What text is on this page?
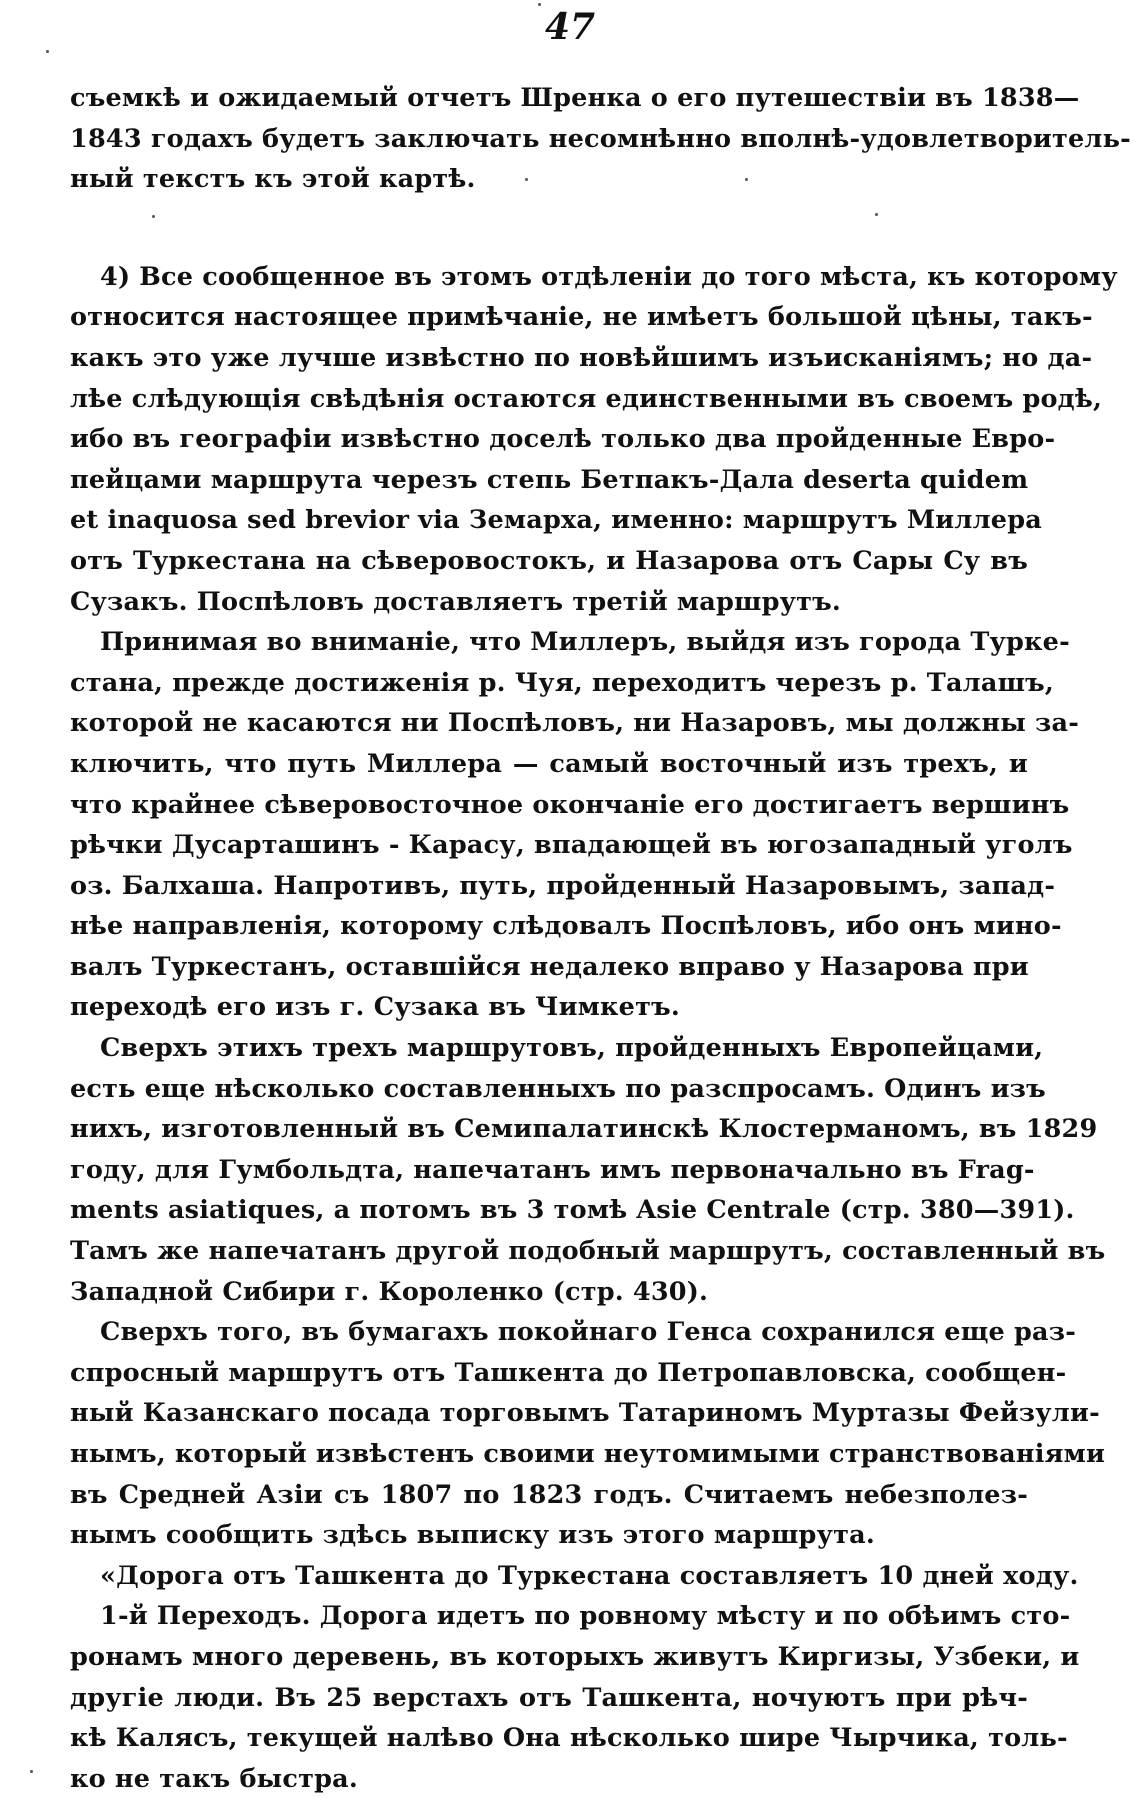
47
съемкѣ и ожидаемый отчетъ Шренка о его путешествіи въ 1838—
1843 годахъ будетъ заключать несомнѣнно вполнѣ-удовлетворитель-
ный текстъ къ этой картѣ.
4) Все сообщенное въ этомъ отдѣленіи до того мѣста, къ которому
относится настоящее примѣчаніе, не имѣетъ большой цѣны, такъ-
какъ это уже лучше извѣстно по новѣйшимъ изъисканіямъ; но да-
лѣе слѣдующія свѣдѣнія остаются единственными въ своемъ родѣ,
ибо въ географіи извѣстно доселѣ только два пройденные Евро-
пейцами маршрута черезъ степь Бетпакъ-Дала deserta quidem
et inaquosa sed brevior via Земарха, именно: маршрутъ Миллера
отъ Туркестана на сѣверовостокъ, и Назарова отъ Сары Су въ
Сузакъ. Поспѣловъ доставляетъ третій маршрутъ.
Принимая во вниманіе, что Миллеръ, выйдя изъ города Турке-
стана, прежде достиженія р. Чуя, переходитъ черезъ р. Талашъ,
которой не касаются ни Поспѣловъ, ни Назаровъ, мы должны за-
ключить, что путь Миллера — самый восточный изъ трехъ, и
что крайнее сѣверовосточное окончаніе его достигаетъ вершинъ
рѣчки Дусарташинъ - Карасу, впадающей въ югозападный уголъ
оз. Балхаша. Напротивъ, путь, пройденный Назаровымъ, запад-
нѣе направленія, которому слѣдовалъ Поспѣловъ, ибо онъ мино-
валъ Туркестанъ, оставшійся недалеко вправо у Назарова при
переходѣ его изъ г. Сузака въ Чимкетъ.
Сверхъ этихъ трехъ маршрутовъ, пройденныхъ Европейцами,
есть еще нѣсколько составленныхъ по разспросамъ. Одинъ изъ
нихъ, изготовленный въ Семипалатинскѣ Клостерманомъ, въ 1829
году, для Гумбольдта, напечатанъ имъ первоначально въ Frag-
ments asiatiques, а потомъ въ 3 томѣ Asie Centrale (стр. 380—391).
Тамъ же напечатанъ другой подобный маршрутъ, составленный въ
Западной Сибири г. Короленко (стр. 430).
Сверхъ того, въ бумагахъ покойнаго Генса сохранился еще раз-
спросный маршрутъ отъ Ташкента до Петропавловска, сообщен-
ный Казанскаго посада торговымъ Татариномъ Муртазы Фейзули-
нымъ, который извѣстенъ своими неутомимыми странствованіями
въ Средней Азіи съ 1807 по 1823 годъ. Считаемъ небезполез-
нымъ сообщить здѣсь выписку изъ этого маршрута.
«Дорога отъ Ташкента до Туркестана составляетъ 10 дней ходу.
1-й Переходъ. Дорога идетъ по ровному мѣсту и по обѣимъ сто-
ронамъ много деревень, въ которыхъ живутъ Киргизы, Узбеки, и
другіе люди. Въ 25 верстахъ отъ Ташкента, ночуютъ при рѣч-
кѣ Калясъ, текущей налѣво Она нѣсколько шире Чырчика, толь-
ко не такъ быстра.
